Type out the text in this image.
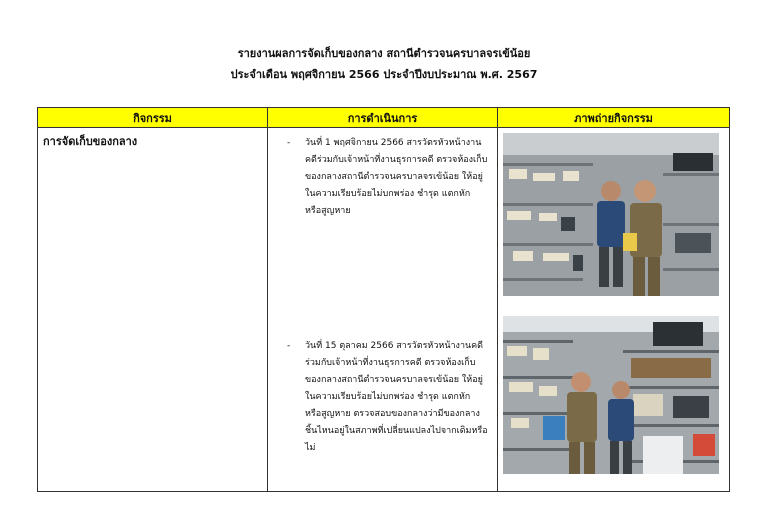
รายงานผลการจัดเก็บของกลาง สถานีตำรวจนครบาลจรเข้น้อย
ประจำเดือน พฤศจิกายน 2566 ประจำปีงบประมาณ พ.ศ. 2567
กิจกรรม	การดำเนินการ	ภาพถ่ายกิจกรรม

การจัดเก็บของกลาง	- วันที่ 1 พฤศจิกายน 2566 สารวัตรหัวหน้างานคดีร่วมกับเจ้าหน้าที่งานธุรการคดี ตรวจห้องเก็บของกลางสถานีตำรวจนครบาลจรเข้น้อย ให้อยู่ในความเรียบร้อยไม่บกพร่อง ชำรุด แตกหัก หรือสูญหาย
- วันที่ 15 ตุลาคม 2566 สารวัตรหัวหน้างานคดีร่วมกับเจ้าหน้าที่งานธุรการคดี ตรวจห้องเก็บของกลางสถานีตำรวจนครบาลจรเข้น้อย ให้อยู่ในความเรียบร้อยไม่บกพร่อง ชำรุด แตกหัก หรือสูญหาย ตรวจสอบของกลางว่ามีของกลางชิ้นไหนอยู่ในสภาพที่เปลี่ยนแปลงไปจากเดิมหรือไม่
